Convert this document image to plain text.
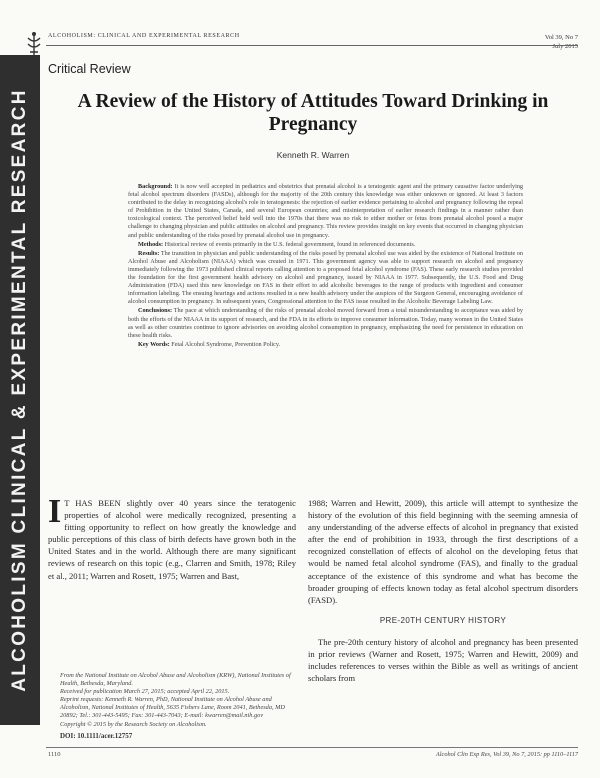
ALCOHOLISM CLINICAL & EXPERIMENTAL RESEARCH
ALCOHOLISM: CLINICAL AND EXPERIMENTAL RESEARCH	Vol 39, No 7
July 2015
Critical Review
A Review of the History of Attitudes Toward Drinking in Pregnancy
Kenneth R. Warren

Background: It is now well accepted in pediatrics and obstetrics that prenatal alcohol is a teratogenic agent and the primary causative factor underlying fetal alcohol spectrum disorders (FASDs), although for the majority of the 20th century this knowledge was either unknown or ignored. At least 3 factors contributed to the delay in recognizing alcohol's role in teratogenesis: the rejection of earlier evidence pertaining to alcohol and pregnancy following the repeal of Prohibition in the United States, Canada, and several European countries; and misinterpretation of earlier research findings in a manner rather than toxicological context. The perceived belief held well into the 1970s that there was no risk to either mother or fetus from prenatal alcohol posed a major challenge to changing physician and public attitudes on alcohol and pregnancy. This review provides insight on key events that occurred in changing physician and public understanding of the risks posed by prenatal alcohol use in pregnancy.

Methods: Historical review of events primarily in the U.S. federal government, found in referenced documents.

Results: The transition in physician and public understanding of the risks posed by prenatal alcohol use was aided by the existence of National Institute on Alcohol Abuse and Alcoholism (NIAAA) which was created in 1971. This government agency was able to support research on alcohol and pregnancy immediately following the 1973 published clinical reports calling attention to a proposed fetal alcohol syndrome (FAS). These early research studies provided the foundation for the first government health advisory on alcohol and pregnancy, issued by NIAAA in 1977. Subsequently, the U.S. Food and Drug Administration (FDA) used this new knowledge on FAS in their effort to add alcoholic beverages to the range of products with ingredient and consumer information labeling. The ensuing hearings and actions resulted in a new health advisory under the auspices of the Surgeon General, encouraging avoidance of alcohol consumption in pregnancy. In subsequent years, Congressional attention to the FAS issue resulted in the Alcoholic Beverage Labeling Law.

Conclusions: The pace at which understanding of the risks of prenatal alcohol moved forward from a total misunderstanding to acceptance was aided by both the efforts of the NIAAA in its support of research, and the FDA in its efforts to improve consumer information. Today, many women in the United States as well as other countries continue to ignore advisories on avoiding alcohol consumption in pregnancy, emphasizing the need for persistence in education on these health risks.

Key Words: Fetal Alcohol Syndrome, Prevention Policy.

I T HAS BEEN slightly over 40 years since the teratogenic properties of alcohol were medically recognized, presenting a fitting opportunity to reflect on how greatly the knowledge and public perceptions of this class of birth defects have grown both in the United States and in the world. Although there are many significant reviews of research on this topic (e.g., Clarren and Smith, 1978; Riley et al., 2011; Warren and Rosett, 1975; Warren and Bast,

From the National Institute on Alcohol Abuse and Alcoholism (KRW), National Institutes of Health, Bethesda, Maryland.

Received for publication March 27, 2015; accepted April 22, 2015.

Reprint requests: Kenneth R. Warren, PhD, National Institute on Alcohol Abuse and Alcoholism, National Institutes of Health, 5635 Fishers Lane, Room 2041, Bethesda, MD 20892; Tel.: 301-443-5495; Fax: 301-443-7043; E-mail: kwarren@mail.nih.gov

Copyright © 2015 by the Research Society on Alcoholism.

DOI: 10.1111/acer.12757

1988; Warren and Hewitt, 2009), this article will attempt to synthesize the history of the evolution of this field beginning with the seeming amnesia of any understanding of the adverse effects of alcohol in pregnancy that existed after the end of prohibition in 1933, through the first descriptions of a recognized constellation of effects of alcohol on the developing fetus that would be named fetal alcohol syndrome (FAS), and finally to the gradual acceptance of the existence of this syndrome and what has become the broader grouping of effects known today as fetal alcohol spectrum disorders (FASD).

PRE-20TH CENTURY HISTORY

The pre-20th century history of alcohol and pregnancy has been presented in prior reviews (Warner and Rosett, 1975; Warren and Hewitt, 2009) and includes references to verses within the Bible as well as writings of ancient scholars from

1110	Alcohol Clin Exp Res, Vol 39, No 7, 2015: pp 1110–1117
